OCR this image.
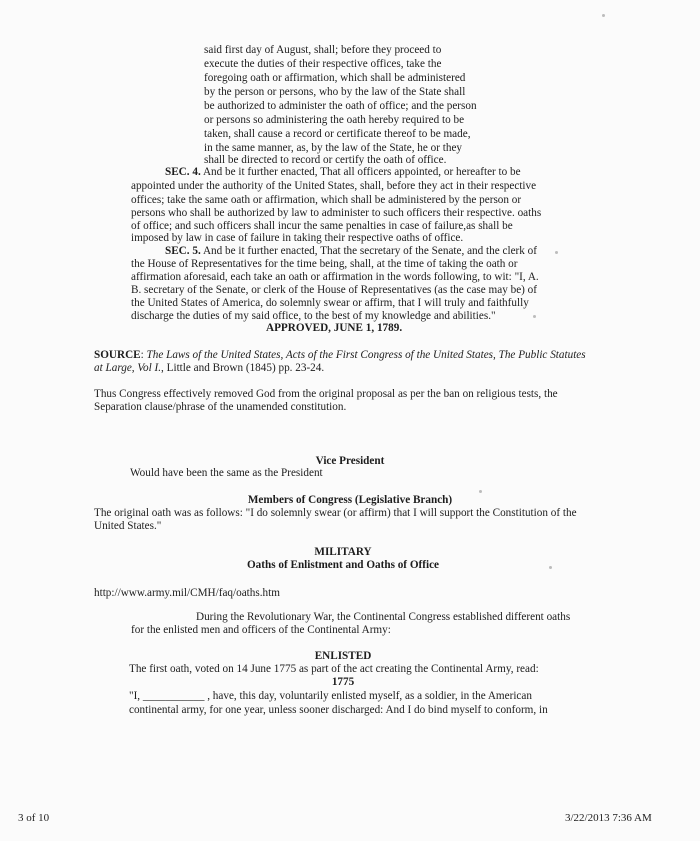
said first day of August, shall; before they proceed to
execute the duties of their respective offices, take the
foregoing oath or affirmation, which shall be administered
by the person or persons, who by the law of the State shall
be authorized to administer the oath of office; and the person
or persons so administering the oath hereby required to be
taken, shall cause a record or certificate thereof to be made,
in the same manner, as, by the law of the State, he or they
shall be directed to record or certify the oath of office.
SEC. 4. And be it further enacted, That all officers appointed, or hereafter to be
appointed under the authority of the United States, shall, before they act in their respective
offices; take the same oath or affirmation, which shall be administered by the person or
persons who shall be authorized by law to administer to such officers their respective. oaths
of office; and such officers shall incur the same penalties in case of failure,as shall be
imposed by law in case of failure in taking their respective oaths of office.
SEC. 5. And be it further enacted, That the secretary of the Senate, and the clerk of
the House of Representatives for the time being, shall, at the time of taking the oath or
affirmation aforesaid, each take an oath or affirmation in the words following, to wit: "I, A.
B. secretary of the Senate, or clerk of the House of Representatives (as the case may be) of
the United States of America, do solemnly swear or affirm, that I will truly and faithfully
discharge the duties of my said office, to the best of my knowledge and abilities."
APPROVED, JUNE 1, 1789.
SOURCE: The Laws of the United States, Acts of the First Congress of the United States, The Public Statutes
at Large, Vol I., Little and Brown (1845) pp. 23-24.
Thus Congress effectively removed God from the original proposal as per the ban on religious tests, the
Separation clause/phrase of the unamended constitution.
Vice President
Would have been the same as the President
Members of Congress (Legislative Branch)
The original oath was as follows: "I do solemnly swear (or affirm) that I will support the Constitution of the
United States."
MILITARY
Oaths of Enlistment and Oaths of Office
http://www.army.mil/CMH/faq/oaths.htm
During the Revolutionary War, the Continental Congress established different oaths
for the enlisted men and officers of the Continental Army:
ENLISTED
The first oath, voted on 14 June 1775 as part of the act creating the Continental Army, read:
1775
"I, ___________ , have, this day, voluntarily enlisted myself, as a soldier, in the American
continental army, for one year, unless sooner discharged: And I do bind myself to conform, in
3 of 10	3/22/2013 7:36 AM
